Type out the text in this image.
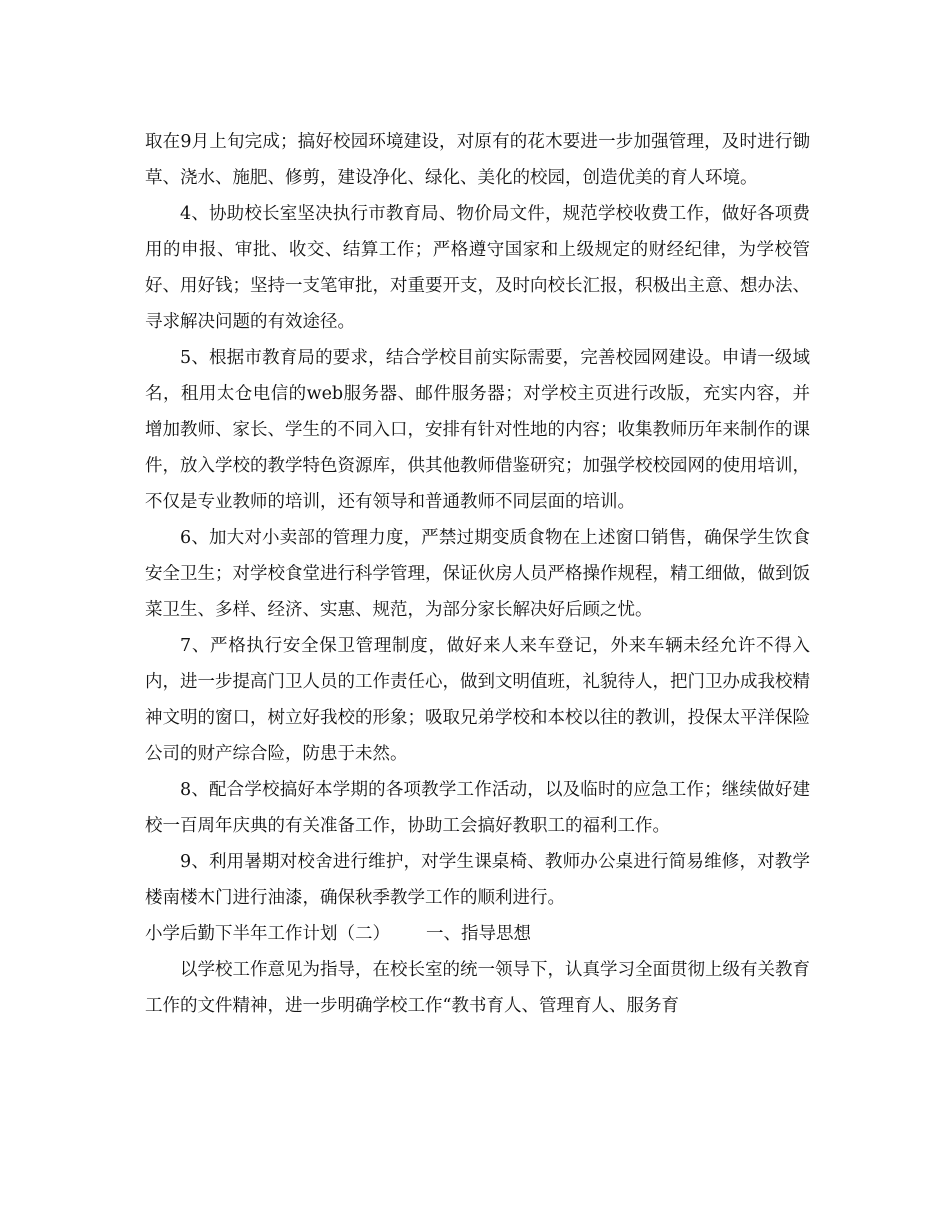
取在9月上旬完成；搞好校园环境建设，对原有的花木要进一步加强管理，及时进行锄草、浇水、施肥、修剪，建设净化、绿化、美化的校园，创造优美的育人环境。

4、协助校长室坚决执行市教育局、物价局文件，规范学校收费工作，做好各项费用的申报、审批、收交、结算工作；严格遵守国家和上级规定的财经纪律，为学校管好、用好钱；坚持一支笔审批，对重要开支，及时向校长汇报，积极出主意、想办法、寻求解决问题的有效途径。

5、根据市教育局的要求，结合学校目前实际需要，完善校园网建设。申请一级域名，租用太仓电信的web服务器、邮件服务器；对学校主页进行改版，充实内容，并增加教师、家长、学生的不同入口，安排有针对性地的内容；收集教师历年来制作的课件，放入学校的教学特色资源库，供其他教师借鉴研究；加强学校校园网的使用培训，不仅是专业教师的培训，还有领导和普通教师不同层面的培训。

6、加大对小卖部的管理力度，严禁过期变质食物在上述窗口销售，确保学生饮食安全卫生；对学校食堂进行科学管理，保证伙房人员严格操作规程，精工细做，做到饭菜卫生、多样、经济、实惠、规范，为部分家长解决好后顾之忧。

7、严格执行安全保卫管理制度，做好来人来车登记，外来车辆未经允许不得入内，进一步提高门卫人员的工作责任心，做到文明值班，礼貌待人，把门卫办成我校精神文明的窗口，树立好我校的形象；吸取兄弟学校和本校以往的教训，投保太平洋保险公司的财产综合险，防患于未然。

8、配合学校搞好本学期的各项教学工作活动，以及临时的应急工作；继续做好建校一百周年庆典的有关准备工作，协助工会搞好教职工的福利工作。

9、利用暑期对校舍进行维护，对学生课桌椅、教师办公桌进行简易维修，对教学楼南楼木门进行油漆，确保秋季教学工作的顺利进行。

小学后勤下半年工作计划（二） 一、指导思想

以学校工作意见为指导，在校长室的统一领导下，认真学习全面贯彻上级有关教育工作的文件精神，进一步明确学校工作“教书育人、管理育人、服务育
